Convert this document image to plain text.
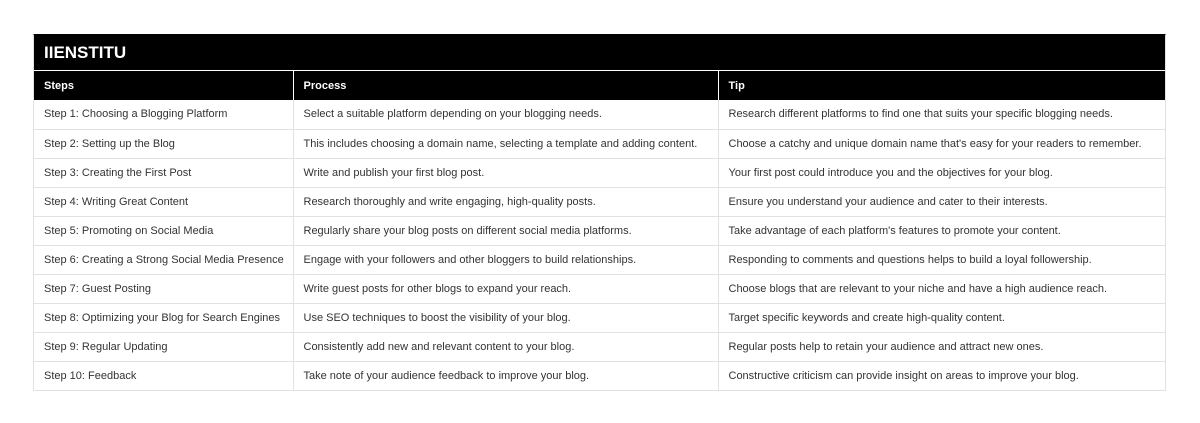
IIENSTITU
Steps	Process	Tip
Step 1: Choosing a Blogging Platform	Select a suitable platform depending on your blogging needs.	Research different platforms to find one that suits your specific blogging needs.
Step 2: Setting up the Blog	This includes choosing a domain name, selecting a template and adding content.	Choose a catchy and unique domain name that's easy for your readers to remember.
Step 3: Creating the First Post	Write and publish your first blog post.	Your first post could introduce you and the objectives for your blog.
Step 4: Writing Great Content	Research thoroughly and write engaging, high-quality posts.	Ensure you understand your audience and cater to their interests.
Step 5: Promoting on Social Media	Regularly share your blog posts on different social media platforms.	Take advantage of each platform's features to promote your content.
Step 6: Creating a Strong Social Media Presence	Engage with your followers and other bloggers to build relationships.	Responding to comments and questions helps to build a loyal followership.
Step 7: Guest Posting	Write guest posts for other blogs to expand your reach.	Choose blogs that are relevant to your niche and have a high audience reach.
Step 8: Optimizing your Blog for Search Engines	Use SEO techniques to boost the visibility of your blog.	Target specific keywords and create high-quality content.
Step 9: Regular Updating	Consistently add new and relevant content to your blog.	Regular posts help to retain your audience and attract new ones.
Step 10: Feedback	Take note of your audience feedback to improve your blog.	Constructive criticism can provide insight on areas to improve your blog.
